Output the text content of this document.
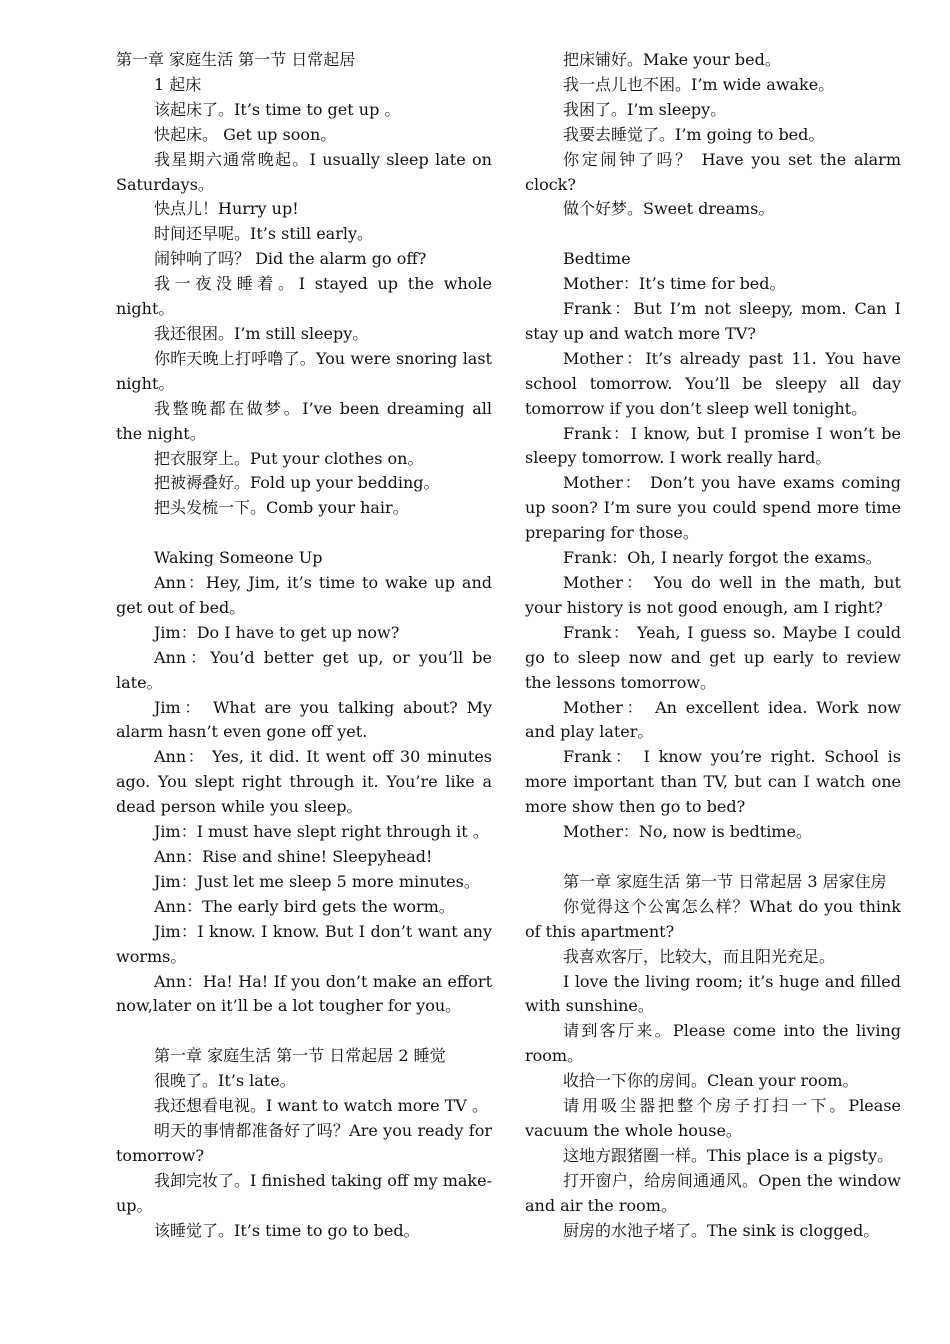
第一章 家庭生活 第一节 日常起居

1 起床

该起床了。It’s time to get up 。

快起床。 Get up soon。

我星期六通常晚起。I usually sleep late on Saturdays。

快点儿！Hurry up!

时间还早呢。It’s still early。

闹钟响了吗？ Did the alarm go off?

我一夜没睡着。I stayed up the whole night。

我还很困。I’m still sleepy。

你昨天晚上打呼噜了。You were snoring last night。

我整晚都在做梦。I’ve been dreaming all the night。

把衣服穿上。Put your clothes on。

把被褥叠好。Fold up your bedding。

把头发梳一下。Comb your hair。

Waking Someone Up

Ann：Hey, Jim, it’s time to wake up and get out of bed。

Jim：Do I have to get up now?

Ann：You’d better get up, or you’ll be late。

Jim： What are you talking about? My alarm hasn’t even gone off yet.

Ann： Yes, it did. It went off 30 minutes ago. You slept right through it. You’re like a dead person while you sleep。

Jim：I must have slept right through it 。

Ann：Rise and shine! Sleepyhead!

Jim：Just let me sleep 5 more minutes。

Ann：The early bird gets the worm。

Jim：I know. I know. But I don’t want any worms。

Ann：Ha! Ha! If you don’t make an effort now,later on it’ll be a lot tougher for you。

第一章 家庭生活 第一节 日常起居 2 睡觉

很晚了。It’s late。

我还想看电视。I want to watch more TV 。

明天的事情都准备好了吗？Are you ready for tomorrow?

我卸完妆了。I finished taking off my make-up。

该睡觉了。It’s time to go to bed。

把床铺好。Make your bed。

我一点儿也不困。I’m wide awake。

我困了。I’m sleepy。

我要去睡觉了。I’m going to bed。

你定闹钟了吗？ Have you set the alarm clock?

做个好梦。Sweet dreams。

Bedtime

Mother：It’s time for bed。

Frank：But I’m not sleepy, mom. Can I stay up and watch more TV?

Mother：It’s already past 11. You have school tomorrow. You’ll be sleepy all day tomorrow if you don’t sleep well tonight。

Frank：I know, but I promise I won’t be sleepy tomorrow. I work really hard。

Mother： Don’t you have exams coming up soon? I’m sure you could spend more time preparing for those。

Frank：Oh, I nearly forgot the exams。

Mother： You do well in the math, but your history is not good enough, am I right?

Frank： Yeah, I guess so. Maybe I could go to sleep now and get up early to review the lessons tomorrow。

Mother： An excellent idea. Work now and play later。

Frank： I know you’re right. School is more important than TV, but can I watch one more show then go to bed?

Mother：No, now is bedtime。

第一章 家庭生活 第一节 日常起居 3 居家住房

你觉得这个公寓怎么样？What do you think of this apartment?

我喜欢客厅，比较大，而且阳光充足。

I love the living room; it’s huge and filled with sunshine。

请到客厅来。Please come into the living room。

收拾一下你的房间。Clean your room。

请用吸尘器把整个房子打扫一下。Please vacuum the whole house。

这地方跟猪圈一样。This place is a pigsty。

打开窗户，给房间通通风。Open the window and air the room。

厨房的水池子堵了。The sink is clogged。
